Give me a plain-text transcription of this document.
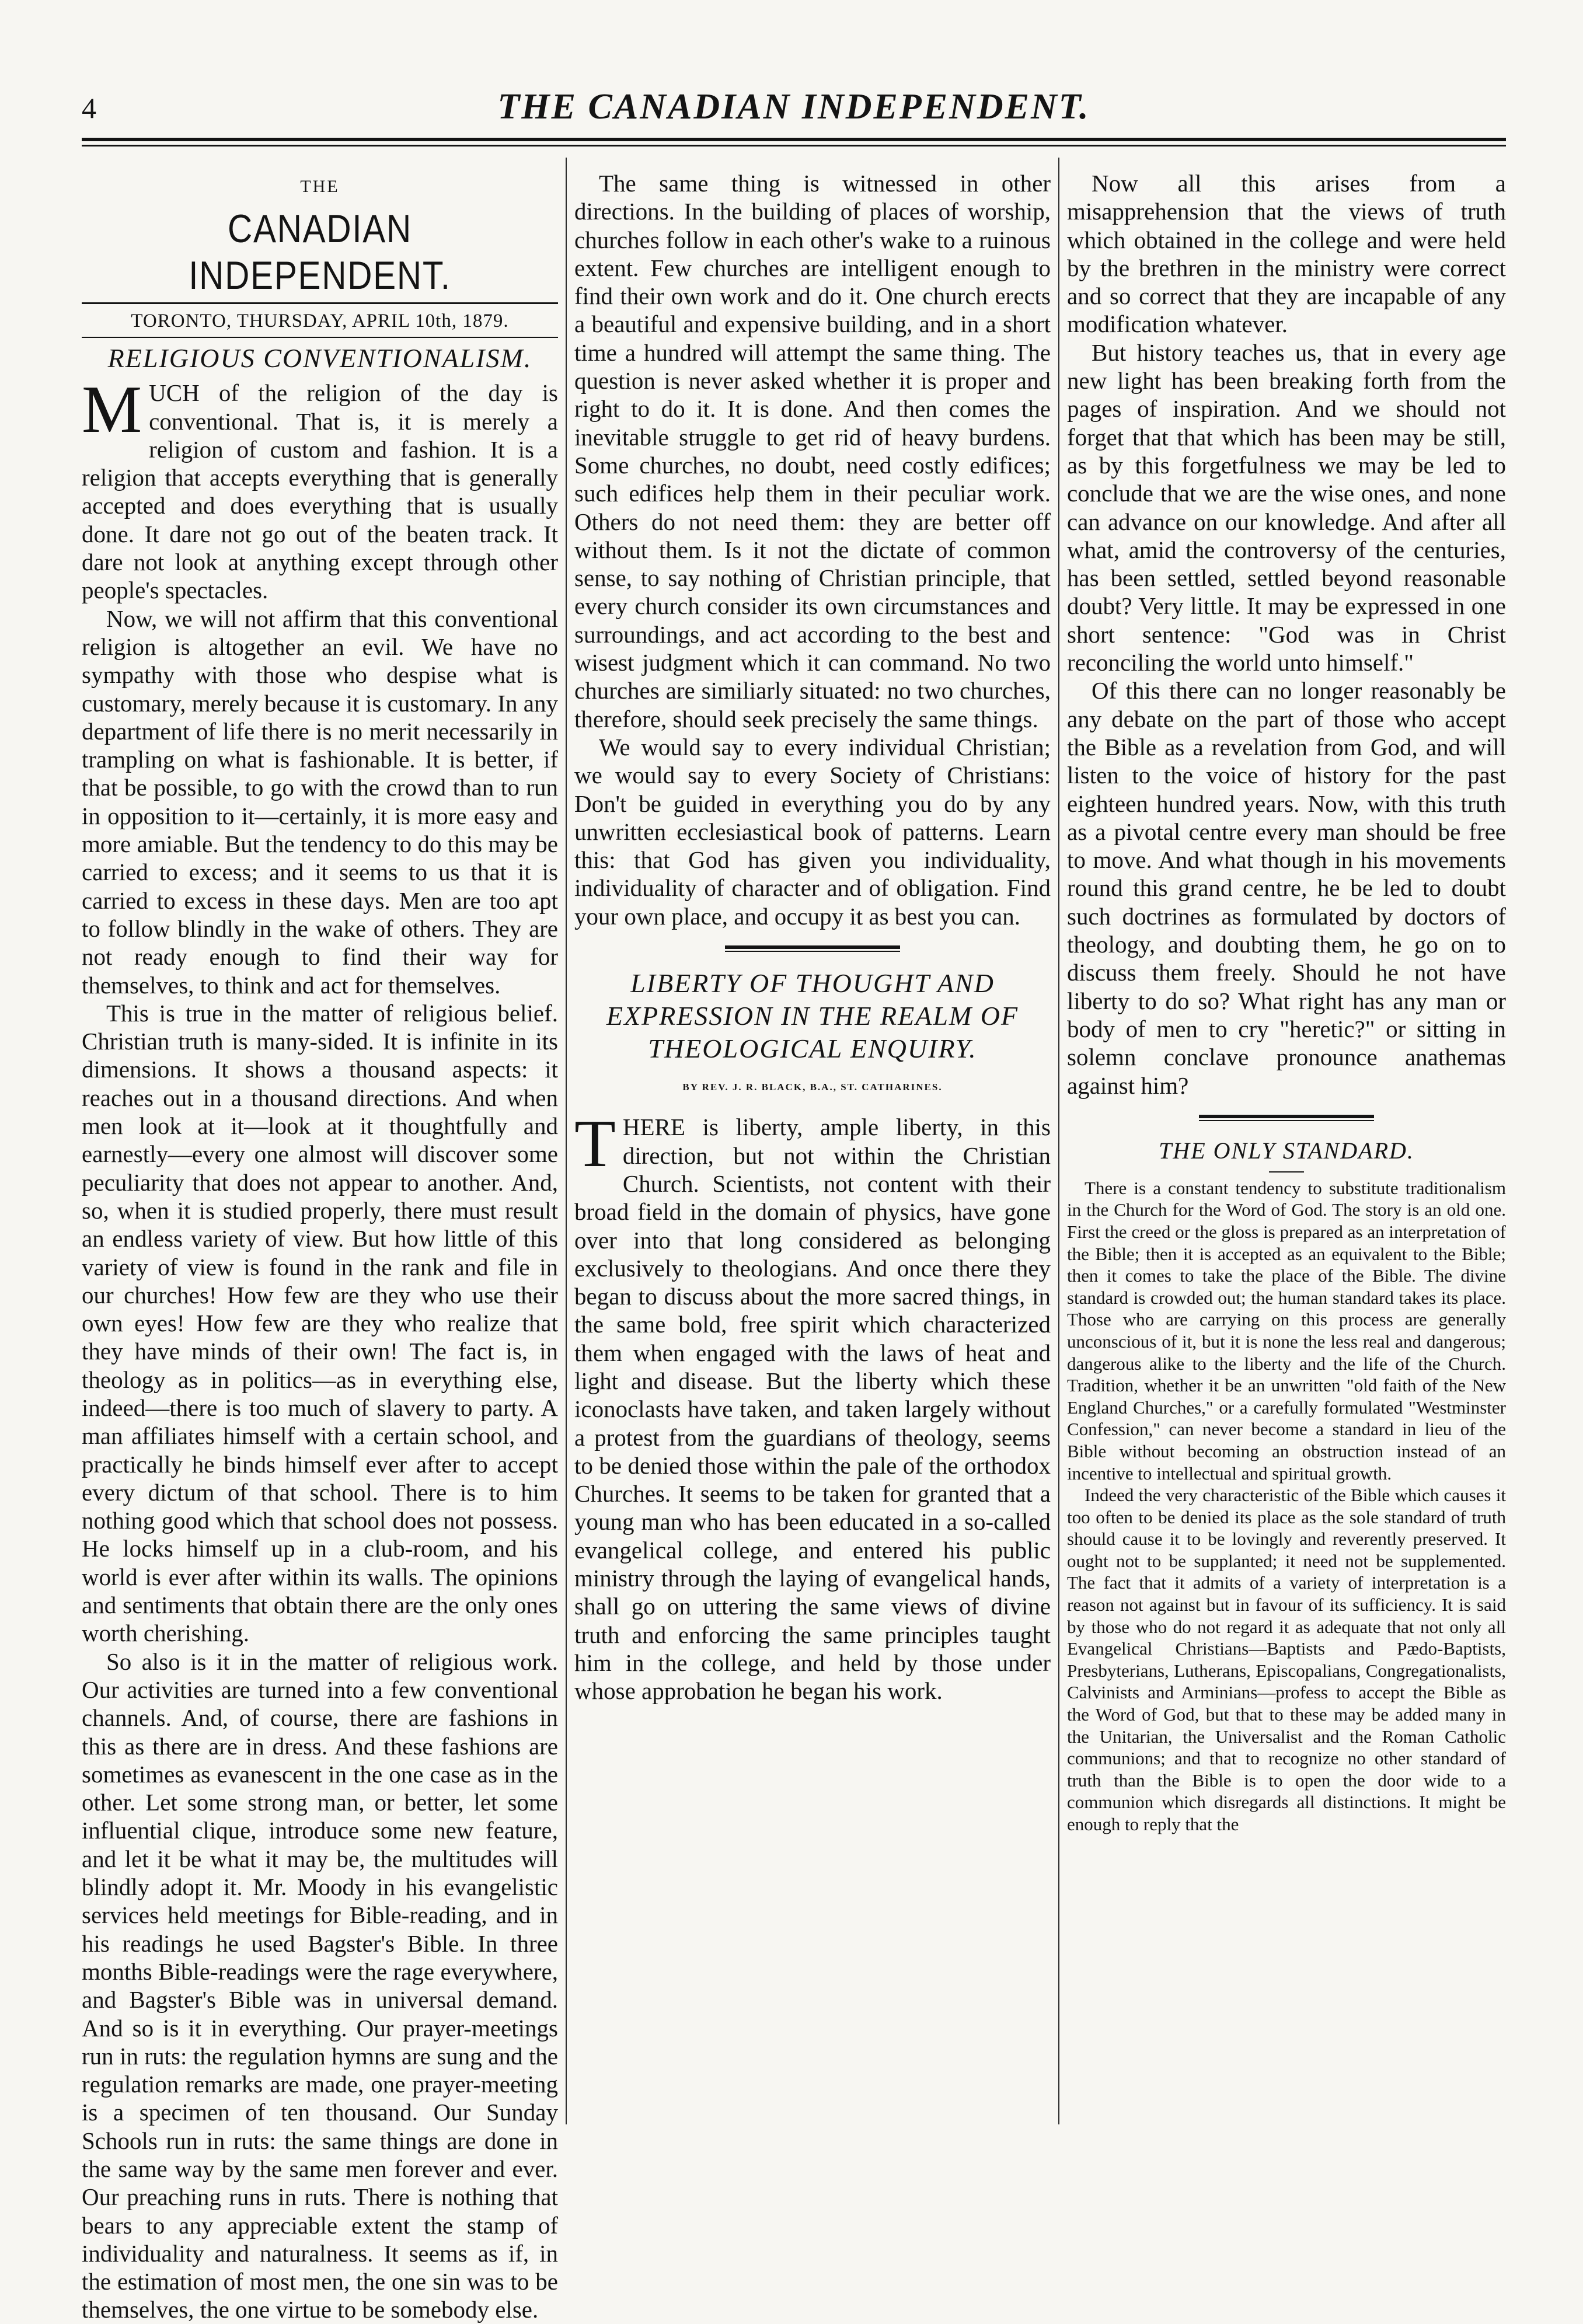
4	THE CANADIAN INDEPENDENT.
THE
CANADIAN INDEPENDENT.
TORONTO, THURSDAY, APRIL 10th, 1879.
RELIGIOUS CONVENTIONALISM.

MUCH of the religion of the day is conventional. That is, it is merely a religion of custom and fashion. It is a religion that accepts everything that is generally accepted and does everything that is usually done. It dare not go out of the beaten track. It dare not look at anything except through other people's spectacles.

Now, we will not affirm that this conventional religion is altogether an evil. We have no sympathy with those who despise what is customary, merely because it is customary. In any department of life there is no merit necessarily in trampling on what is fashionable. It is better, if that be possible, to go with the crowd than to run in opposition to it—certainly, it is more easy and more amiable. But the tendency to do this may be carried to excess; and it seems to us that it is carried to excess in these days. Men are too apt to follow blindly in the wake of others. They are not ready enough to find their way for themselves, to think and act for themselves.

This is true in the matter of religious belief. Christian truth is many-sided. It is infinite in its dimensions. It shows a thousand aspects: it reaches out in a thousand directions. And when men look at it—look at it thoughtfully and earnestly—every one almost will discover some peculiarity that does not appear to another. And, so, when it is studied properly, there must result an endless variety of view. But how little of this variety of view is found in the rank and file in our churches! How few are they who use their own eyes! How few are they who realize that they have minds of their own! The fact is, in theology as in politics—as in everything else, indeed—there is too much of slavery to party. A man affiliates himself with a certain school, and practically he binds himself ever after to accept every dictum of that school. There is to him nothing good which that school does not possess. He locks himself up in a club-room, and his world is ever after within its walls. The opinions and sentiments that obtain there are the only ones worth cherishing.

So also is it in the matter of religious work. Our activities are turned into a few conventional channels. And, of course, there are fashions in this as there are in dress. And these fashions are sometimes as evanescent in the one case as in the other. Let some strong man, or better, let some influential clique, introduce some new feature, and let it be what it may be, the multitudes will blindly adopt it. Mr. Moody in his evangelistic services held meetings for Bible-reading, and in his readings he used Bagster's Bible. In three months Bible-readings were the rage everywhere, and Bagster's Bible was in universal demand. And so is it in everything. Our prayer-meetings run in ruts: the regulation hymns are sung and the regulation remarks are made, one prayer-meeting is a specimen of ten thousand. Our Sunday Schools run in ruts: the same things are done in the same way by the same men forever and ever. Our preaching runs in ruts. There is nothing that bears to any appreciable extent the stamp of individuality and naturalness. It seems as if, in the estimation of most men, the one sin was to be themselves, the one virtue to be somebody else.

The same thing is witnessed in other directions. In the building of places of worship, churches follow in each other's wake to a ruinous extent. Few churches are intelligent enough to find their own work and do it. One church erects a beautiful and expensive building, and in a short time a hundred will attempt the same thing. The question is never asked whether it is proper and right to do it. It is done. And then comes the inevitable struggle to get rid of heavy burdens. Some churches, no doubt, need costly edifices; such edifices help them in their peculiar work. Others do not need them: they are better off without them. Is it not the dictate of common sense, to say nothing of Christian principle, that every church consider its own circumstances and surroundings, and act according to the best and wisest judgment which it can command. No two churches are similiarly situated: no two churches, therefore, should seek precisely the same things.

We would say to every individual Christian; we would say to every Society of Christians: Don't be guided in everything you do by any unwritten ecclesiastical book of patterns. Learn this: that God has given you individuality, individuality of character and of obligation. Find your own place, and occupy it as best you can.

LIBERTY OF THOUGHT AND EXPRESSION IN THE REALM OF THEOLOGICAL ENQUIRY.
BY REV. J. R. BLACK, B.A., ST. CATHARINES.

THERE is liberty, ample liberty, in this direction, but not within the Christian Church. Scientists, not content with their broad field in the domain of physics, have gone over into that long considered as belonging exclusively to theologians. And once there they began to discuss about the more sacred things, in the same bold, free spirit which characterized them when engaged with the laws of heat and light and disease. But the liberty which these iconoclasts have taken, and taken largely without a protest from the guardians of theology, seems to be denied those within the pale of the orthodox Churches. It seems to be taken for granted that a young man who has been educated in a so-called evangelical college, and entered his public ministry through the laying of evangelical hands, shall go on uttering the same views of divine truth and enforcing the same principles taught him in the college, and held by those under whose approbation he began his work.

Now all this arises from a misapprehension that the views of truth which obtained in the college and were held by the brethren in the ministry were correct and so correct that they are incapable of any modification whatever.

But history teaches us, that in every age new light has been breaking forth from the pages of inspiration. And we should not forget that that which has been may be still, as by this forgetfulness we may be led to conclude that we are the wise ones, and none can advance on our knowledge. And after all what, amid the controversy of the centuries, has been settled, settled beyond reasonable doubt? Very little. It may be expressed in one short sentence: "God was in Christ reconciling the world unto himself."

Of this there can no longer reasonably be any debate on the part of those who accept the Bible as a revelation from God, and will listen to the voice of history for the past eighteen hundred years. Now, with this truth as a pivotal centre every man should be free to move. And what though in his movements round this grand centre, he be led to doubt such doctrines as formulated by doctors of theology, and doubting them, he go on to discuss them freely. Should he not have liberty to do so? What right has any man or body of men to cry "heretic?" or sitting in solemn conclave pronounce anathemas against him?

THE ONLY STANDARD.

There is a constant tendency to substitute traditionalism in the Church for the Word of God. The story is an old one. First the creed or the gloss is prepared as an interpretation of the Bible; then it is accepted as an equivalent to the Bible; then it comes to take the place of the Bible. The divine standard is crowded out; the human standard takes its place. Those who are carrying on this process are generally unconscious of it, but it is none the less real and dangerous; dangerous alike to the liberty and the life of the Church. Tradition, whether it be an unwritten "old faith of the New England Churches," or a carefully formulated "Westminster Confession," can never become a standard in lieu of the Bible without becoming an obstruction instead of an incentive to intellectual and spiritual growth.

Indeed the very characteristic of the Bible which causes it too often to be denied its place as the sole standard of truth should cause it to be lovingly and reverently preserved. It ought not to be supplanted; it need not be supplemented. The fact that it admits of a variety of interpretation is a reason not against but in favour of its sufficiency. It is said by those who do not regard it as adequate that not only all Evangelical Christians—Baptists and Pædo-Baptists, Presbyterians, Lutherans, Episcopalians, Congregationalists, Calvinists and Arminians—profess to accept the Bible as the Word of God, but that to these may be added many in the Unitarian, the Universalist and the Roman Catholic communions; and that to recognize no other standard of truth than the Bible is to open the door wide to a communion which disregards all distinctions. It might be enough to reply that the
